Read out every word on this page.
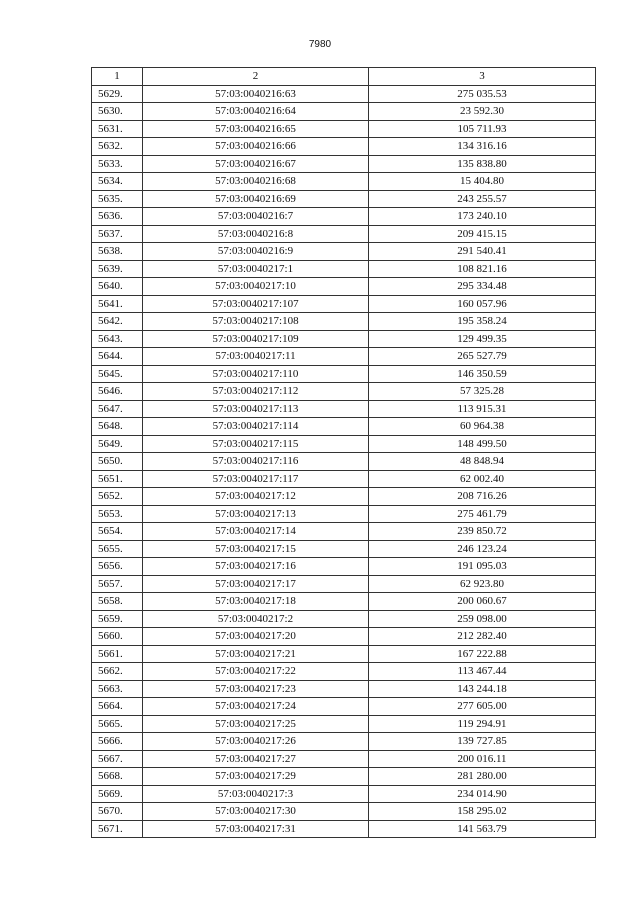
7980
1	2	3
5629.	57:03:0040216:63	275 035.53
5630.	57:03:0040216:64	23 592.30
5631.	57:03:0040216:65	105 711.93
5632.	57:03:0040216:66	134 316.16
5633.	57:03:0040216:67	135 838.80
5634.	57:03:0040216:68	15 404.80
5635.	57:03:0040216:69	243 255.57
5636.	57:03:0040216:7	173 240.10
5637.	57:03:0040216:8	209 415.15
5638.	57:03:0040216:9	291 540.41
5639.	57:03:0040217:1	108 821.16
5640.	57:03:0040217:10	295 334.48
5641.	57:03:0040217:107	160 057.96
5642.	57:03:0040217:108	195 358.24
5643.	57:03:0040217:109	129 499.35
5644.	57:03:0040217:11	265 527.79
5645.	57:03:0040217:110	146 350.59
5646.	57:03:0040217:112	57 325.28
5647.	57:03:0040217:113	113 915.31
5648.	57:03:0040217:114	60 964.38
5649.	57:03:0040217:115	148 499.50
5650.	57:03:0040217:116	48 848.94
5651.	57:03:0040217:117	62 002.40
5652.	57:03:0040217:12	208 716.26
5653.	57:03:0040217:13	275 461.79
5654.	57:03:0040217:14	239 850.72
5655.	57:03:0040217:15	246 123.24
5656.	57:03:0040217:16	191 095.03
5657.	57:03:0040217:17	62 923.80
5658.	57:03:0040217:18	200 060.67
5659.	57:03:0040217:2	259 098.00
5660.	57:03:0040217:20	212 282.40
5661.	57:03:0040217:21	167 222.88
5662.	57:03:0040217:22	113 467.44
5663.	57:03:0040217:23	143 244.18
5664.	57:03:0040217:24	277 605.00
5665.	57:03:0040217:25	119 294.91
5666.	57:03:0040217:26	139 727.85
5667.	57:03:0040217:27	200 016.11
5668.	57:03:0040217:29	281 280.00
5669.	57:03:0040217:3	234 014.90
5670.	57:03:0040217:30	158 295.02
5671.	57:03:0040217:31	141 563.79
